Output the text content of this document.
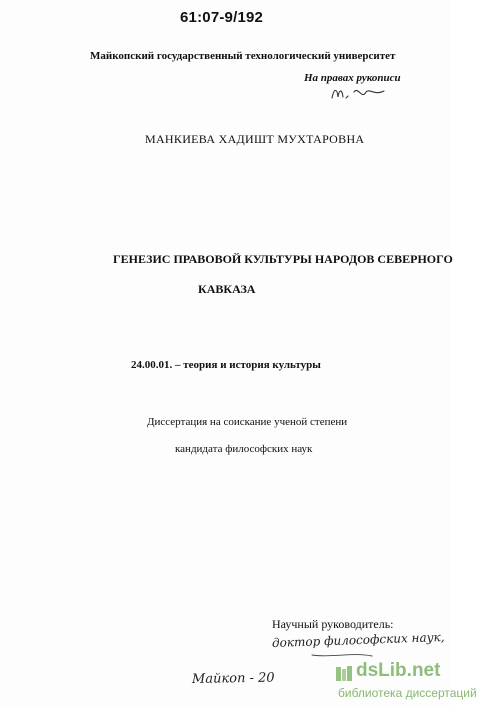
61:07-9/192
Майкопский государственный технологический университет
На правах рукописи
МАНКИЕВА ХАДИШТ МУХТАРОВНА
ГЕНЕЗИС ПРАВОВОЙ КУЛЬТУРЫ НАРОДОВ СЕВЕРНОГО
КАВКАЗА
24.00.01. – теория и история культуры
Диссертация на соискание ученой степени
кандидата философских наук
Научный руководитель:
доктор философских наук,
Майкоп - 20	dsLib.net
библиотека диссертаций
